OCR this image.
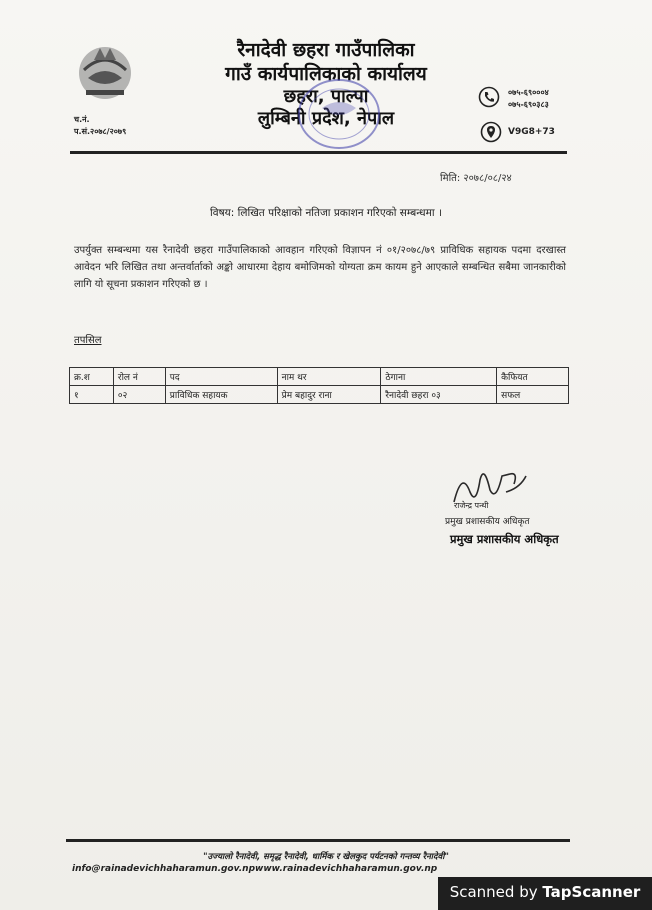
रैनादेवी छहरा गाउँपालिका
गाउँ कार्यपालिकाको कार्यालय
छहरा, पाल्पा
लुम्बिनी प्रदेश, नेपाल
च.नं.
प.सं.२०७८/२०७९
०७५-६९०००४
०७५-६९०३८३
V9G8+73
मिति: २०७८/०८/२४
विषय: लिखित परिक्षाको नतिजा प्रकाशन गरिएको सम्बन्धमा ।
उपर्युक्त सम्बन्धमा यस रैनादेवी छहरा गाउँपालिकाको आवहान गरिएको विज्ञापन नं ०१/२०७८/७९ प्राविधिक सहायक पदमा दरखास्त आवेदन भरि लिखित तथा अन्तर्वार्ताको अङ्को आधारमा देहाय बमोजिमको योग्यता क्रम कायम हुने आएकाले सम्बन्धित सबैमा जानकारीको लागि यो सूचना प्रकाशन गरिएको छ ।
तपसिल
क्र.श	रोल नं	पद	नाम थर	ठेगाना	कैफियत
१	०२	प्राविधिक सहायक	प्रेम बहादुर राना	रैनादेवी छहरा ०३	सफल
राजेन्द्र पन्थी
प्रमुख प्रशासकीय अधिकृत
प्रमुख प्रशासकीय अधिकृत
"उज्यालो रैनादेवी, समृद्ध रैनादेवी, धार्मिक र खेलकुद पर्यटनको गन्तव्य रैनादेवी"
info@rainadevichhaharamun.gov.npwww.rainadevichhaharamun.gov.np
Scanned by TapScanner
